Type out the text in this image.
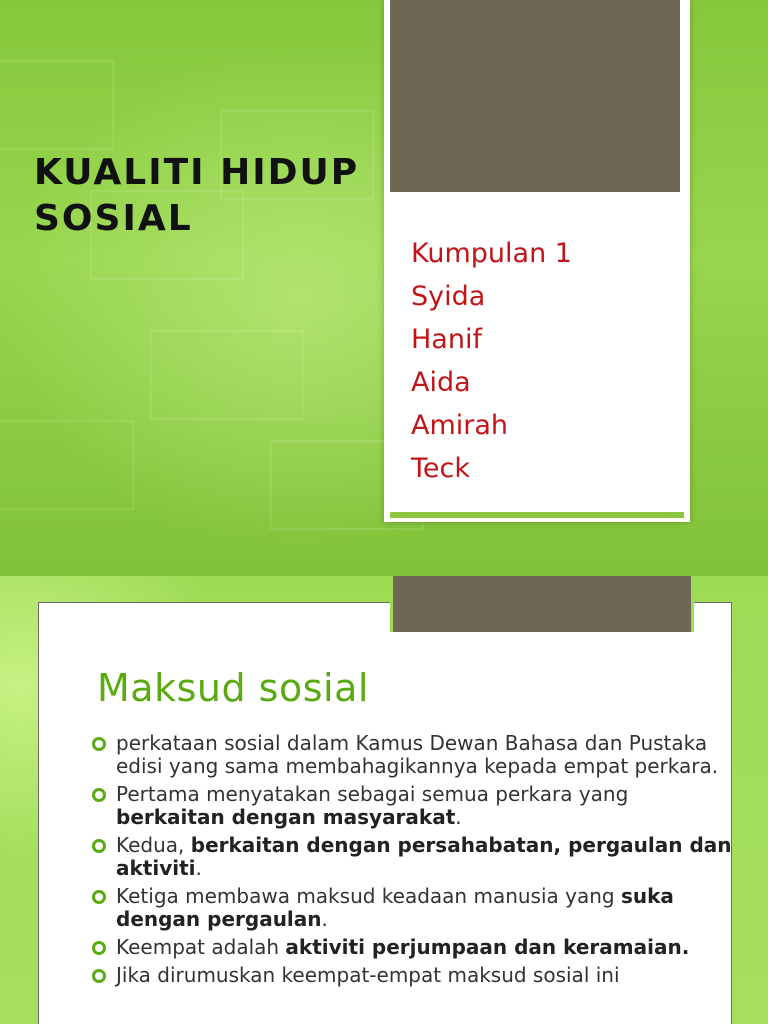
KUALITI HIDUP
SOSIAL
Kumpulan 1
Syida
Hanif
Aida
Amirah
Teck
Maksud sosial
perkataan sosial dalam Kamus Dewan Bahasa dan Pustaka edisi yang sama membahagikannya kepada empat perkara.
Pertama menyatakan sebagai semua perkara yang berkaitan dengan masyarakat.
Kedua, berkaitan dengan persahabatan, pergaulan dan aktiviti.
Ketiga membawa maksud keadaan manusia yang suka dengan pergaulan.
Keempat adalah aktiviti perjumpaan dan keramaian.
Jika dirumuskan keempat-empat maksud sosial ini
